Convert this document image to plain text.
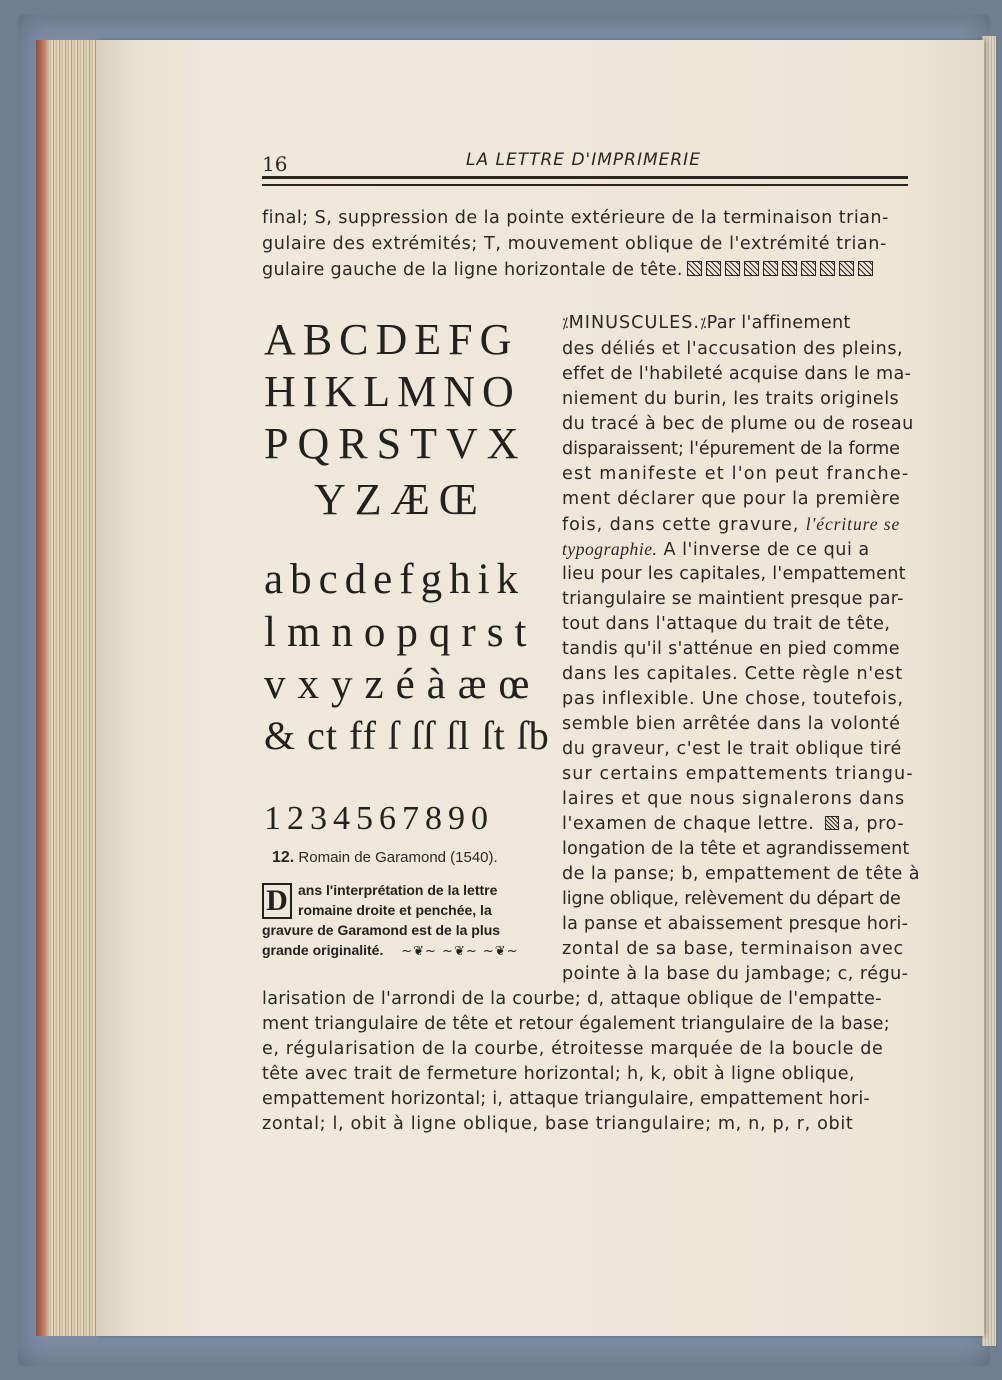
16	LA LETTRE D'IMPRIMERIE
final; S, suppression de la pointe extérieure de la terminaison trian-
gulaire des extrémités; T, mouvement oblique de l'extrémité trian-
gulaire gauche de la ligne horizontale de tête.
ABCDEFG
HIKLMNO
PQRSTVX
YZÆŒ
abcdefghik
lmnopqrst
vxyzéàæœ
& ct ff ſ ſſ ſl ſt ſb
1234567890
12. Romain de Garamond (1540).
D ans l'interprétation de la lettre
romaine droite et penchée, la
gravure de Garamond est de la plus
grande originalité. ~❦~ ~❦~ ~❦~
⁒MINUSCULES.⁒Par l'affinement
des déliés et l'accusation des pleins,
effet de l'habileté acquise dans le ma-
niement du burin, les traits originels
du tracé à bec de plume ou de roseau
disparaissent; l'épurement de la forme
est manifeste et l'on peut franche-
ment déclarer que pour la première
fois, dans cette gravure, l'écriture se
typographie. A l'inverse de ce qui a
lieu pour les capitales, l'empattement
triangulaire se maintient presque par-
tout dans l'attaque du trait de tête,
tandis qu'il s'atténue en pied comme
dans les capitales. Cette règle n'est
pas inflexible. Une chose, toutefois,
semble bien arrêtée dans la volonté
du graveur, c'est le trait oblique tiré
sur certains empattements triangu-
laires et que nous signalerons dans
l'examen de chaque lettre. a, pro-
longation de la tête et agrandissement
de la panse; b, empattement de tête à
ligne oblique, relèvement du départ de
la panse et abaissement presque hori-
zontal de sa base, terminaison avec
pointe à la base du jambage; c, régu-
larisation de l'arrondi de la courbe; d, attaque oblique de l'empatte-
ment triangulaire de tête et retour également triangulaire de la base;
e, régularisation de la courbe, étroitesse marquée de la boucle de
tête avec trait de fermeture horizontal; h, k, obit à ligne oblique,
empattement horizontal; i, attaque triangulaire, empattement hori-
zontal; l, obit à ligne oblique, base triangulaire; m, n, p, r, obit
